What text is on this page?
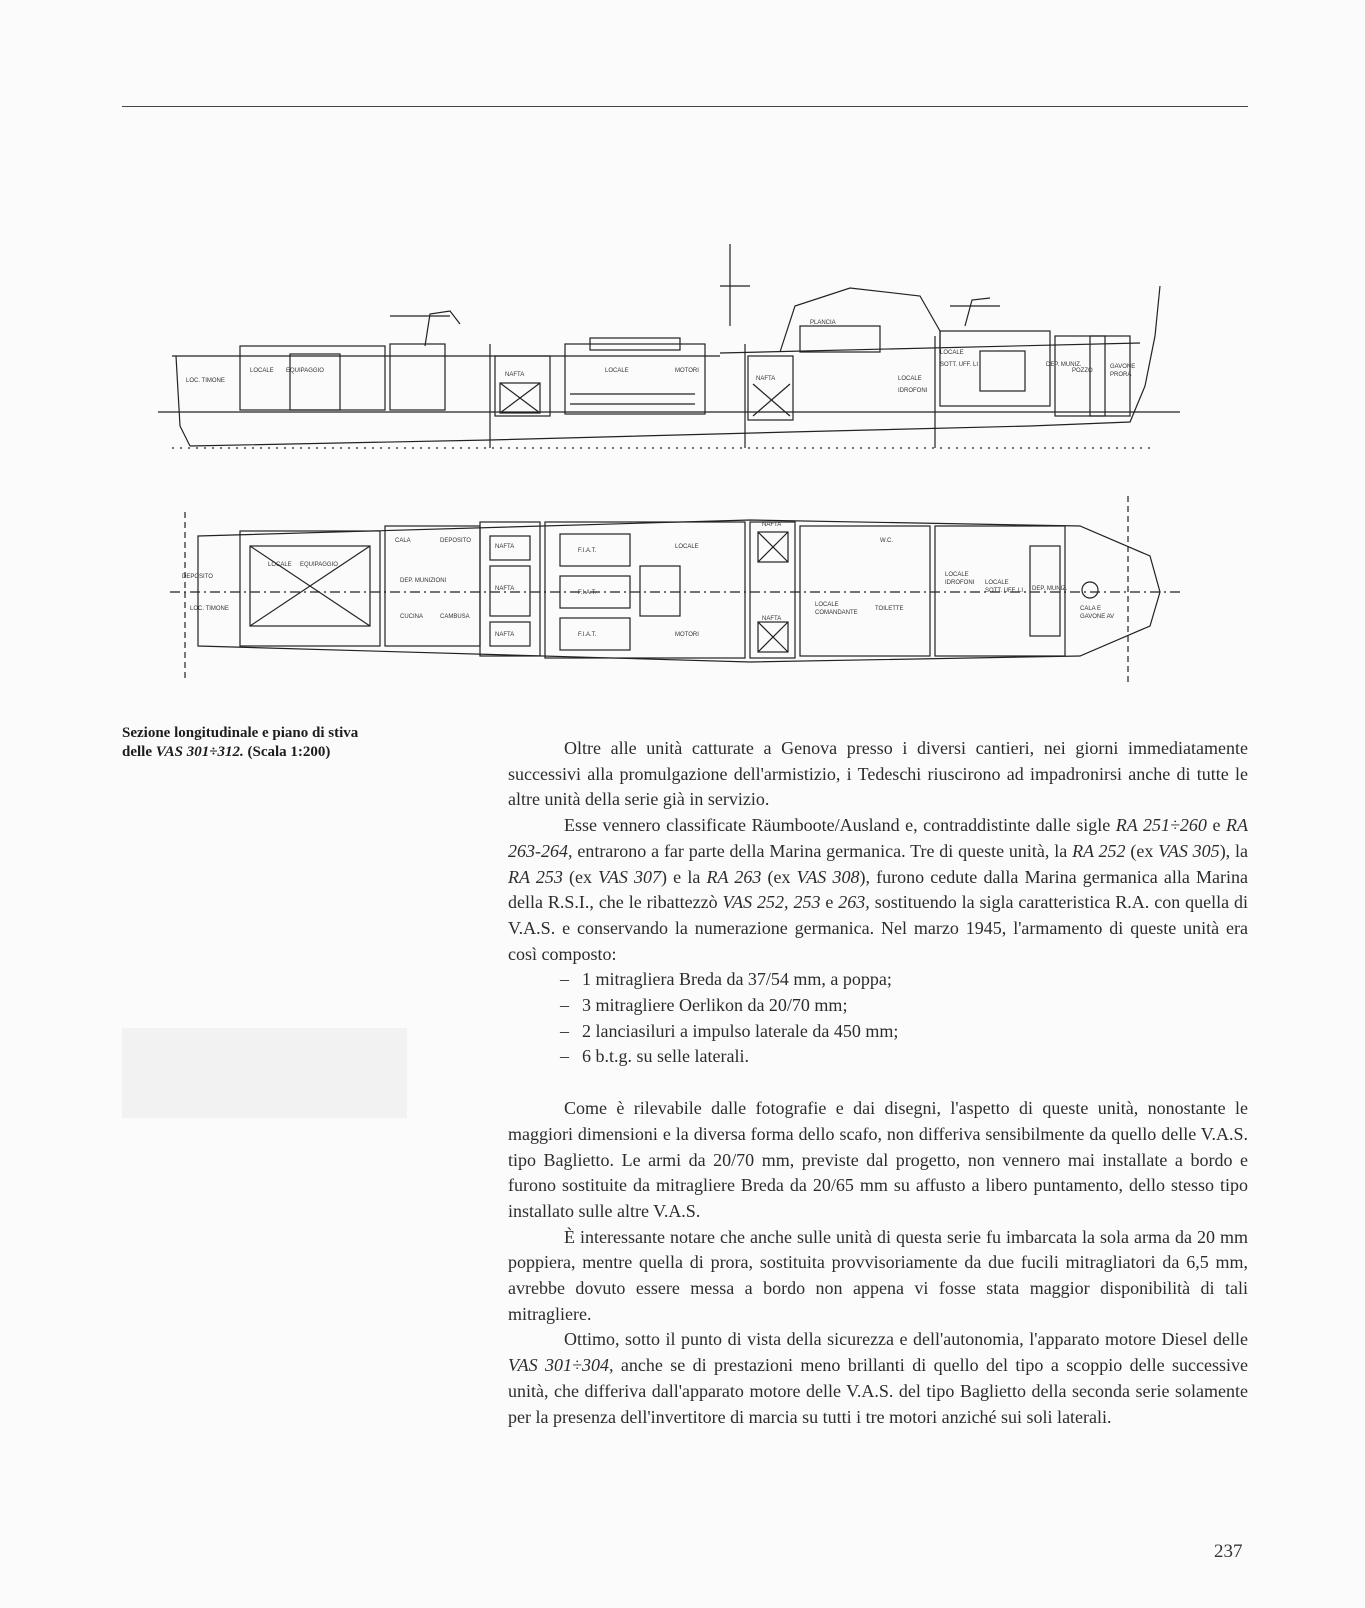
LOC. TIMONE
LOCALE EQUIPAGGIO
NAFTA
LOCALE	MOTORI
NAFTA
PLANCIA
LOCALE
IDROFONI
LOCALE
SOTT. UFF. LI	DEP. MUNIZ.
POZZO
GAVONE
PRORA
DEPOSITO
LOC. TIMONE
LOCALE EQUIPAGGIO
CALA	DEPOSITO
DEP. MUNIZIONI
CUCINA	CAMBUSA
NAFTA
NAFTA
NAFTA
F.I.A.T.
F.I.A.T.
F.I.A.T.
LOCALE
MOTORI
NAFTA
NAFTA
W.C.
LOCALE
COMANDANTE
TOILETTE
LOCALE
IDROFONI LOCALE
SOTT. UFF. LI DEP. MUNIZ.
CALA E
GAVONE AV
Sezione longitudinale e piano di stiva
delle VAS 301÷312. (Scala 1:200)	Oltre alle unità catturate a Genova presso i diversi cantieri, nei giorni immediatamente successivi alla promulgazione dell'armistizio, i Tedeschi riuscirono ad impadronirsi anche di tutte le altre unità della serie già in servizio.

Esse vennero classificate Räumboote/Ausland e, contraddistinte dalle sigle RA 251÷260 e RA 263-264, entrarono a far parte della Marina germanica. Tre di queste unità, la RA 252 (ex VAS 305), la RA 253 (ex VAS 307) e la RA 263 (ex VAS 308), furono cedute dalla Marina germanica alla Marina della R.S.I., che le ribattezzò VAS 252, 253 e 263, sostituendo la sigla caratteristica R.A. con quella di V.A.S. e conservando la numerazione germanica. Nel marzo 1945, l'armamento di queste unità era così composto:

– 1 mitragliera Breda da 37/54 mm, a poppa;
– 3 mitragliere Oerlikon da 20/70 mm;
– 2 lanciasiluri a impulso laterale da 450 mm;
– 6 b.t.g. su selle laterali.

Come è rilevabile dalle fotografie e dai disegni, l'aspetto di queste unità, nonostante le maggiori dimensioni e la diversa forma dello scafo, non differiva sensibilmente da quello delle V.A.S. tipo Baglietto. Le armi da 20/70 mm, previste dal progetto, non vennero mai installate a bordo e furono sostituite da mitragliere Breda da 20/65 mm su affusto a libero puntamento, dello stesso tipo installato sulle altre V.A.S.

È interessante notare che anche sulle unità di questa serie fu imbarcata la sola arma da 20 mm poppiera, mentre quella di prora, sostituita provvisoriamente da due fucili mitragliatori da 6,5 mm, avrebbe dovuto essere messa a bordo non appena vi fosse stata maggior disponibilità di tali mitragliere.

Ottimo, sotto il punto di vista della sicurezza e dell'autonomia, l'apparato motore Diesel delle VAS 301÷304, anche se di prestazioni meno brillanti di quello del tipo a scoppio delle successive unità, che differiva dall'apparato motore delle V.A.S. del tipo Baglietto della seconda serie solamente per la presenza dell'invertitore di marcia su tutti i tre motori anziché sui soli laterali.

237
